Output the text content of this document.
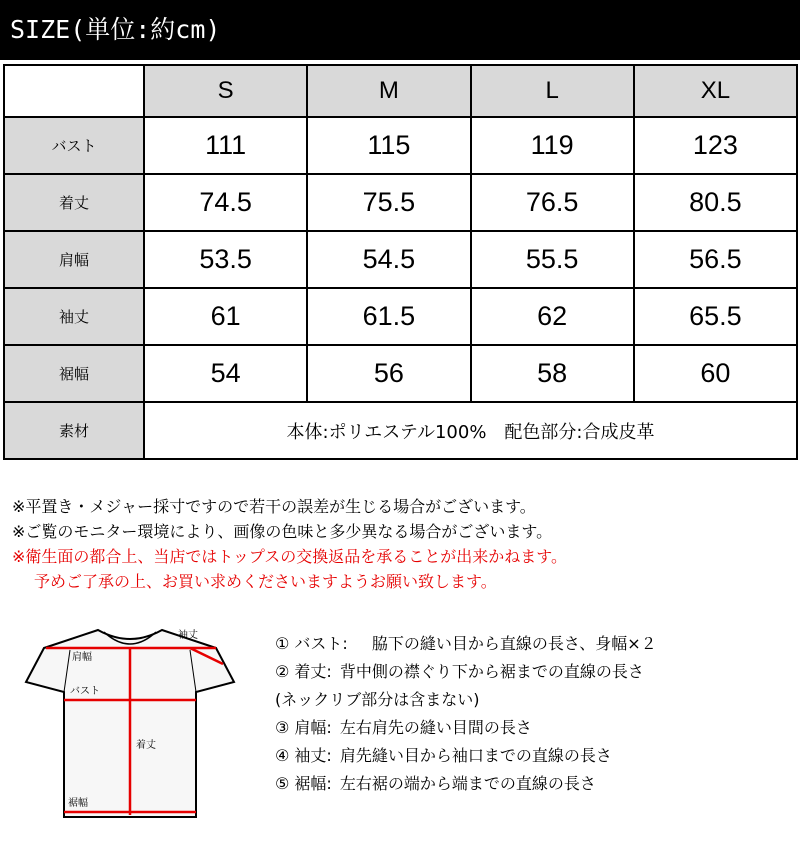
SIZE(単位:約cm)
	S	M	L	XL
バスト	111	115	119	123
着丈	74.5	75.5	76.5	80.5
肩幅	53.5	54.5	55.5	56.5
袖丈	61	61.5	62	65.5
裾幅	54	56	58	60
素材	本体:ポリエステル100%　配色部分:合成皮革			
※平置き・メジャー採寸ですので若干の誤差が生じる場合がございます。
※ご覧のモニター環境により、画像の色味と多少異なる場合がございます。
※衛生面の都合上、当店ではトップスの交換返品を承ることが出来かねます。
予めご了承の上、お買い求めくださいますようお願い致します。
袖丈
肩幅
バスト
着丈
裾幅
① バスト:　脇下の縫い目から直線の長さ、身幅×２
② 着丈: 背中側の襟ぐり下から裾までの直線の長さ
(ネックリブ部分は含まない)
③ 肩幅: 左右肩先の縫い目間の長さ
④ 袖丈: 肩先縫い目から袖口までの直線の長さ
⑤ 裾幅: 左右裾の端から端までの直線の長さ
